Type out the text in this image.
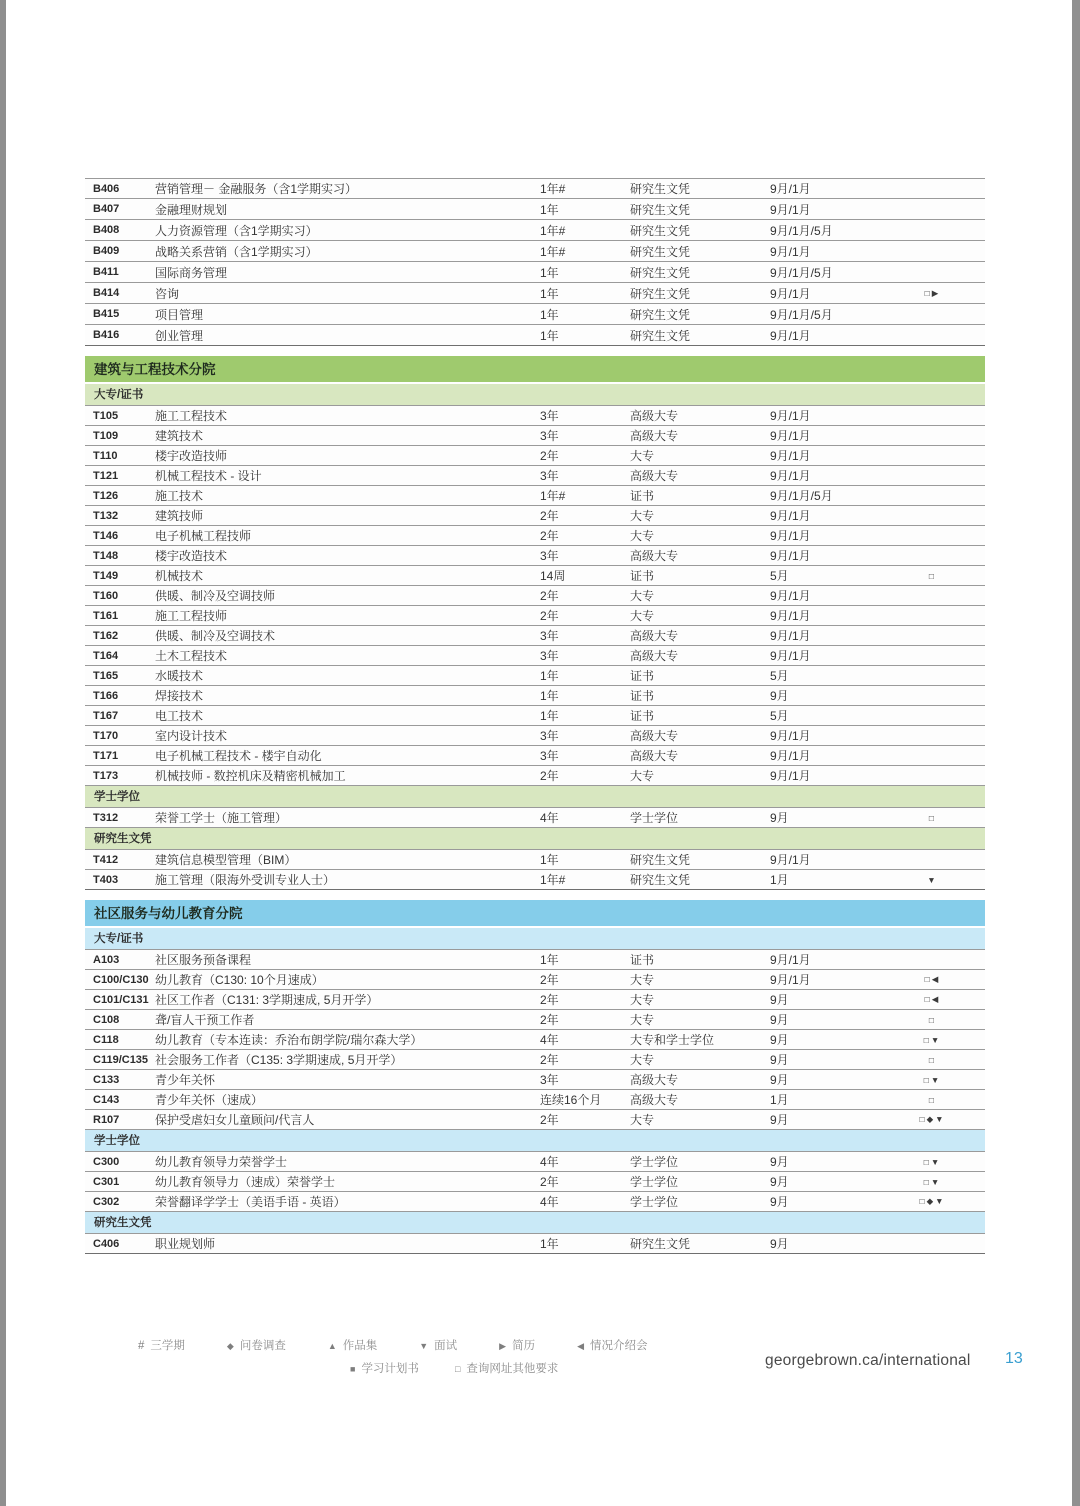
B406	营销管理－ 金融服务（含1学期实习）	1年#	研究生文凭	9月/1月
B407	金融理财规划	1年	研究生文凭	9月/1月
B408	人力资源管理（含1学期实习）	1年#	研究生文凭	9月/1月/5月
B409	战略关系营销（含1学期实习）	1年#	研究生文凭	9月/1月
B411	国际商务管理	1年	研究生文凭	9月/1月/5月
B414	咨询	1年	研究生文凭	9月/1月	□▶
B415	项目管理	1年	研究生文凭	9月/1月/5月
B416	创业管理	1年	研究生文凭	9月/1月
建筑与工程技术分院
大专/证书
T105	施工工程技术	3年	高级大专	9月/1月
T109	建筑技术	3年	高级大专	9月/1月
T110	楼宇改造技师	2年	大专	9月/1月
T121	机械工程技术 - 设计	3年	高级大专	9月/1月
T126	施工技术	1年#	证书	9月/1月/5月
T132	建筑技师	2年	大专	9月/1月
T146	电子机械工程技师	2年	大专	9月/1月
T148	楼宇改造技术	3年	高级大专	9月/1月
T149	机械技术	14周	证书	5月	□
T160	供暖、制冷及空调技师	2年	大专	9月/1月
T161	施工工程技师	2年	大专	9月/1月
T162	供暖、制冷及空调技术	3年	高级大专	9月/1月
T164	土木工程技术	3年	高级大专	9月/1月
T165	水暖技术	1年	证书	5月
T166	焊接技术	1年	证书	9月
T167	电工技术	1年	证书	5月
T170	室内设计技术	3年	高级大专	9月/1月
T171	电子机械工程技术 - 楼宇自动化	3年	高级大专	9月/1月
T173	机械技师 - 数控机床及精密机械加工	2年	大专	9月/1月
学士学位
T312	荣誉工学士（施工管理）	4年	学士学位	9月	□
研究生文凭
T412	建筑信息模型管理（BIM）	1年	研究生文凭	9月/1月
T403	施工管理（限海外受训专业人士）	1年#	研究生文凭	1月	▼
社区服务与幼儿教育分院
大专/证书
A103	社区服务预备课程	1年	证书	9月/1月
C100/C130 幼儿教育（C130: 10个月速成）	2年	大专	9月/1月	□◀
C101/C131 社区工作者（C131: 3学期速成, 5月开学）	2年	大专	9月	□◀
C108	聋/盲人干预工作者	2年	大专	9月	□
C118	幼儿教育（专本连读：乔治布朗学院/瑞尔森大学）	4年	大专和学士学位	9月	□▼
C119/C135 社会服务工作者（C135: 3学期速成, 5月开学）	2年	大专	9月	□
C133	青少年关怀	3年	高级大专	9月	□▼
C143	青少年关怀（速成）	连续16个月	高级大专	1月	□
R107	保护受虐妇女儿童顾问/代言人	2年	大专	9月	□◆▼
学士学位
C300	幼儿教育领导力荣誉学士	4年	学士学位	9月	□▼
C301	幼儿教育领导力（速成）荣誉学士	2年	学士学位	9月	□▼
C302	荣誉翻译学学士（美语手语 - 英语）	4年	学士学位	9月	□◆▼
研究生文凭
C406	职业规划师	1年	研究生文凭	9月
# 三学期	◆ 问卷调查	▲ 作品集	▼ 面试	▶ 简历	◀ 情况介绍会
■ 学习计划书	□ 查询网址其他要求	georgebrown.ca/international 13
